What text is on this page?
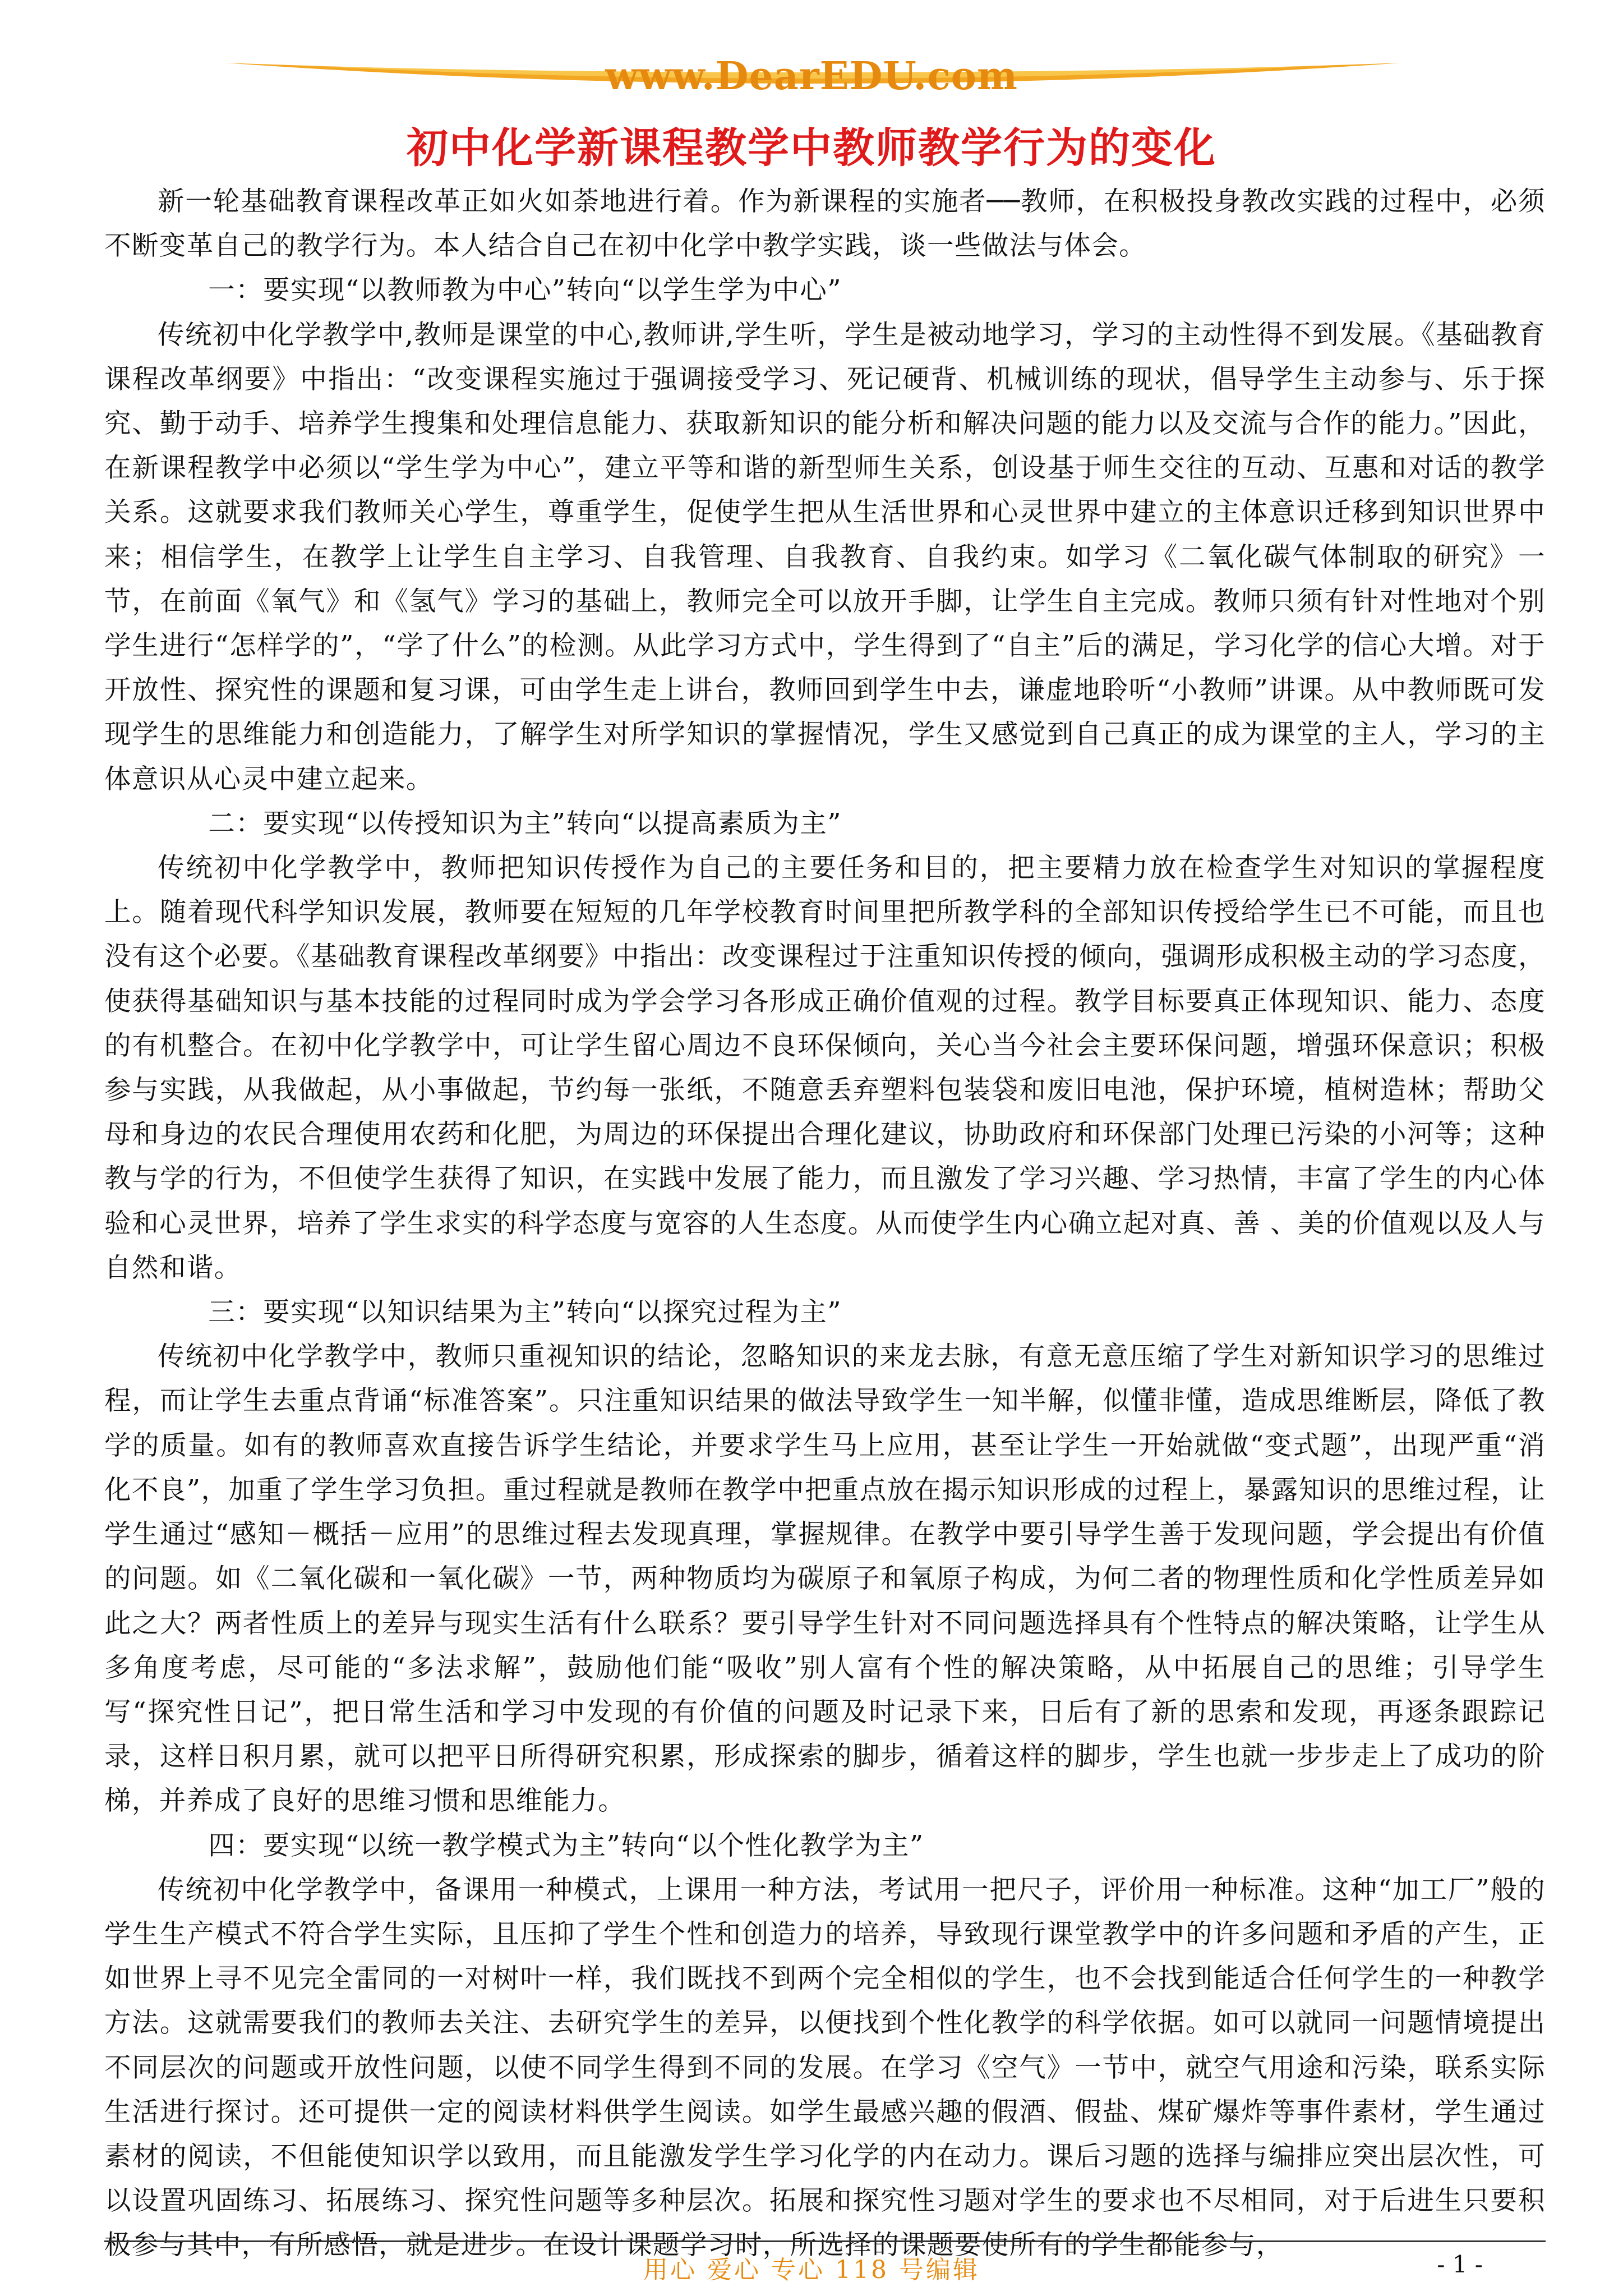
www.DearEDU.com
初中化学新课程教学中教师教学行为的变化

新一轮基础教育课程改革正如火如荼地进行着。作为新课程的实施者──教师，在积极投身教改实践的过程中，必须不断变革自己的教学行为。本人结合自己在初中化学中教学实践，谈一些做法与体会。

一：要实现“以教师教为中心”转向“以学生学为中心”

传统初中化学教学中,教师是课堂的中心,教师讲,学生听，学生是被动地学习，学习的主动性得不到发展。《基础教育课程改革纲要》中指出：“改变课程实施过于强调接受学习、死记硬背、机械训练的现状，倡导学生主动参与、乐于探究、勤于动手、培养学生搜集和处理信息能力、获取新知识的能分析和解决问题的能力以及交流与合作的能力。”因此，在新课程教学中必须以“学生学为中心”，建立平等和谐的新型师生关系，创设基于师生交往的互动、互惠和对话的教学关系。这就要求我们教师关心学生，尊重学生，促使学生把从生活世界和心灵世界中建立的主体意识迁移到知识世界中来；相信学生，在教学上让学生自主学习、自我管理、自我教育、自我约束。如学习《二氧化碳气体制取的研究》一节，在前面《氧气》和《氢气》学习的基础上，教师完全可以放开手脚，让学生自主完成。教师只须有针对性地对个别学生进行“怎样学的”，“学了什么”的检测。从此学习方式中，学生得到了“自主”后的满足，学习化学的信心大增。对于开放性、探究性的课题和复习课，可由学生走上讲台，教师回到学生中去，谦虚地聆听“小教师”讲课。从中教师既可发现学生的思维能力和创造能力，了解学生对所学知识的掌握情况，学生又感觉到自己真正的成为课堂的主人，学习的主体意识从心灵中建立起来。

二：要实现“以传授知识为主”转向“以提高素质为主”

传统初中化学教学中，教师把知识传授作为自己的主要任务和目的，把主要精力放在检查学生对知识的掌握程度上。随着现代科学知识发展，教师要在短短的几年学校教育时间里把所教学科的全部知识传授给学生已不可能，而且也没有这个必要。《基础教育课程改革纲要》中指出：改变课程过于注重知识传授的倾向，强调形成积极主动的学习态度，使获得基础知识与基本技能的过程同时成为学会学习各形成正确价值观的过程。教学目标要真正体现知识、能力、态度的有机整合。在初中化学教学中，可让学生留心周边不良环保倾向，关心当今社会主要环保问题，增强环保意识；积极参与实践，从我做起，从小事做起，节约每一张纸，不随意丢弃塑料包装袋和废旧电池，保护环境，植树造林；帮助父母和身边的农民合理使用农药和化肥，为周边的环保提出合理化建议，协助政府和环保部门处理已污染的小河等；这种教与学的行为，不但使学生获得了知识，在实践中发展了能力，而且激发了学习兴趣、学习热情，丰富了学生的内心体验和心灵世界，培养了学生求实的科学态度与宽容的人生态度。从而使学生内心确立起对真、善 、美的价值观以及人与自然和谐。

三：要实现“以知识结果为主”转向“以探究过程为主”

传统初中化学教学中，教师只重视知识的结论，忽略知识的来龙去脉，有意无意压缩了学生对新知识学习的思维过程，而让学生去重点背诵“标准答案”。只注重知识结果的做法导致学生一知半解，似懂非懂，造成思维断层，降低了教学的质量。如有的教师喜欢直接告诉学生结论，并要求学生马上应用，甚至让学生一开始就做“变式题”，出现严重“消化不良”，加重了学生学习负担。重过程就是教师在教学中把重点放在揭示知识形成的过程上，暴露知识的思维过程，让学生通过“感知－概括－应用”的思维过程去发现真理，掌握规律。在教学中要引导学生善于发现问题，学会提出有价值的问题。如《二氧化碳和一氧化碳》一节，两种物质均为碳原子和氧原子构成，为何二者的物理性质和化学性质差异如此之大？两者性质上的差异与现实生活有什么联系？要引导学生针对不同问题选择具有个性特点的解决策略，让学生从多角度考虑，尽可能的“多法求解”，鼓励他们能“吸收”别人富有个性的解决策略，从中拓展自己的思维；引导学生写“探究性日记”，把日常生活和学习中发现的有价值的问题及时记录下来，日后有了新的思索和发现，再逐条跟踪记录，这样日积月累，就可以把平日所得研究积累，形成探索的脚步，循着这样的脚步，学生也就一步步走上了成功的阶梯，并养成了良好的思维习惯和思维能力。

四：要实现“以统一教学模式为主”转向“以个性化教学为主”

传统初中化学教学中，备课用一种模式，上课用一种方法，考试用一把尺子，评价用一种标准。这种“加工厂”般的学生生产模式不符合学生实际，且压抑了学生个性和创造力的培养，导致现行课堂教学中的许多问题和矛盾的产生，正如世界上寻不见完全雷同的一对树叶一样，我们既找不到两个完全相似的学生，也不会找到能适合任何学生的一种教学方法。这就需要我们的教师去关注、去研究学生的差异，以便找到个性化教学的科学依据。如可以就同一问题情境提出不同层次的问题或开放性问题，以使不同学生得到不同的发展。在学习《空气》一节中，就空气用途和污染，联系实际生活进行探讨。还可提供一定的阅读材料供学生阅读。如学生最感兴趣的假酒、假盐、煤矿爆炸等事件素材，学生通过素材的阅读，不但能使知识学以致用，而且能激发学生学习化学的内在动力。课后习题的选择与编排应突出层次性，可以设置巩固练习、拓展练习、探究性问题等多种层次。拓展和探究性习题对学生的要求也不尽相同，对于后进生只要积极参与其中，有所感悟，就是进步。在设计课题学习时，所选择的课题要使所有的学生都能参与，

用心 爱心 专心 118 号编辑	- 1 -
